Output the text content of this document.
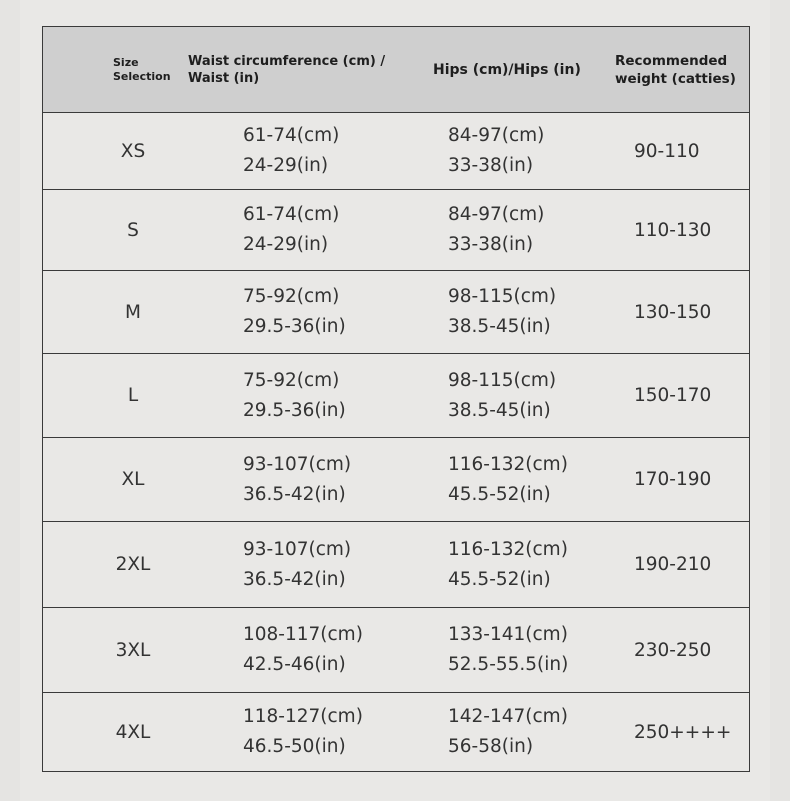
Size
Selection
Waist circumference (cm) /
Waist (in)
Hips (cm)/Hips (in)
Recommended
weight (catties)
XS
61-74(cm)
24-29(in)
84-97(cm)
33-38(in)
90-110
S
61-74(cm)
24-29(in)
84-97(cm)
33-38(in)
110-130
M
75-92(cm)
29.5-36(in)
98-115(cm)
38.5-45(in)
130-150
L
75-92(cm)
29.5-36(in)
98-115(cm)
38.5-45(in)
150-170
XL
93-107(cm)
36.5-42(in)
116-132(cm)
45.5-52(in)
170-190
2XL
93-107(cm)
36.5-42(in)
116-132(cm)
45.5-52(in)
190-210
3XL
108-117(cm)
42.5-46(in)
133-141(cm)
52.5-55.5(in)
230-250
4XL
118-127(cm)
46.5-50(in)
142-147(cm)
56-58(in)
250++++
